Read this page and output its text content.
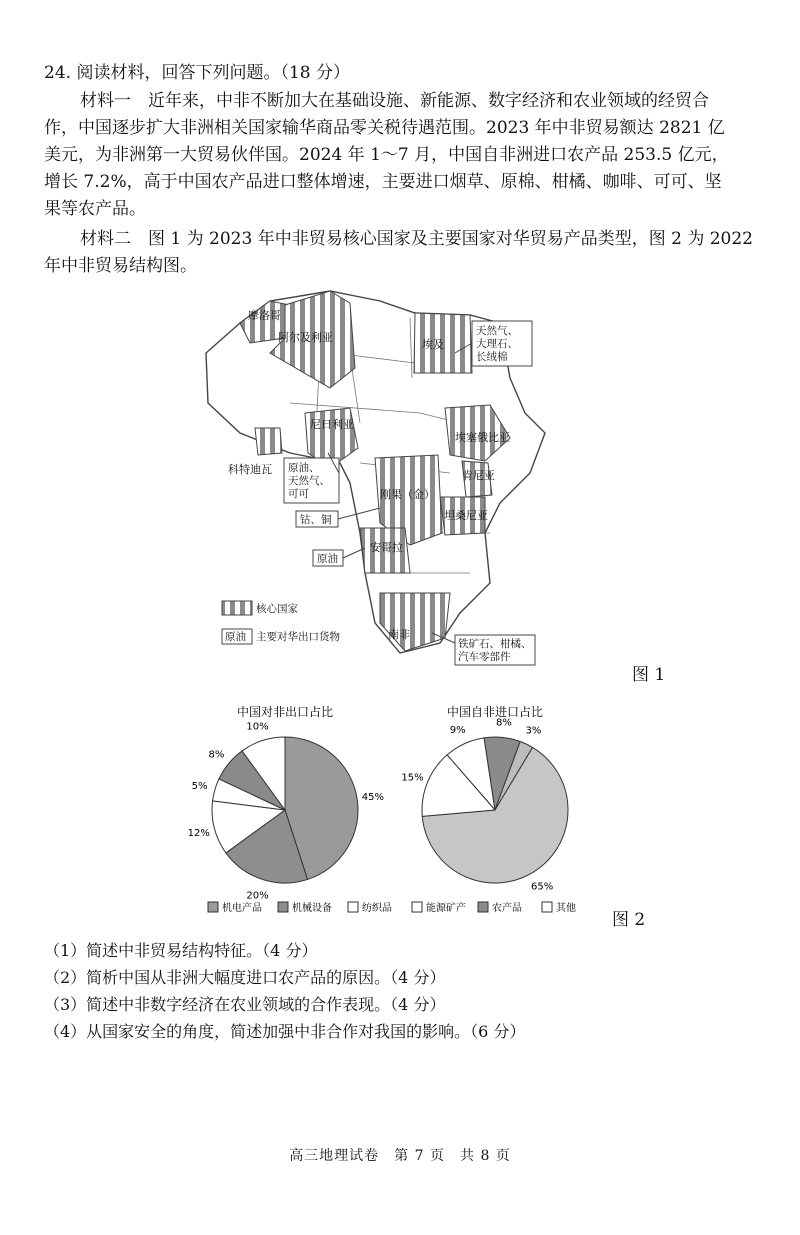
24. 阅读材料，回答下列问题。（18 分）
材料一　近年来，中非不断加大在基础设施、新能源、数字经济和农业领域的经贸合
作，中国逐步扩大非洲相关国家输华商品零关税待遇范围。2023 年中非贸易额达 2821 亿
美元，为非洲第一大贸易伙伴国。2024 年 1～7 月，中国自非洲进口农产品 253.5 亿元，
增长 7.2%，高于中国农产品进口整体增速，主要进口烟草、原棉、柑橘、咖啡、可可、坚
果等农产品。
材料二　图 1 为 2023 年中非贸易核心国家及主要国家对华贸易产品类型，图 2 为 2022
年中非贸易结构图。
摩洛哥
阿尔及利亚
埃及
尼日利亚
科特迪瓦
埃塞俄比亚
肯尼亚
坦桑尼亚
刚果（金）
安哥拉
南非
天然气、
大理石、
长绒棉
原油、
天然气、
可可
钴、铜
原油
铁矿石、柑橘、
汽车零部件
核心国家
原油 主要对华出口货物
图 1
中国对非出口占比	中国自非进口占比
45%
20%
12%
5%
8%
10%	9%
8%
3%
65%
15%
机电产品	机械设备	纺织品	能源矿产	农产品	其他
图 2
（1）简述中非贸易结构特征。（4 分）
（2）简析中国从非洲大幅度进口农产品的原因。（4 分）
（3）简述中非数字经济在农业领域的合作表现。（4 分）
（4）从国家安全的角度，简述加强中非合作对我国的影响。（6 分）
高三地理试卷　第 7 页　共 8 页
